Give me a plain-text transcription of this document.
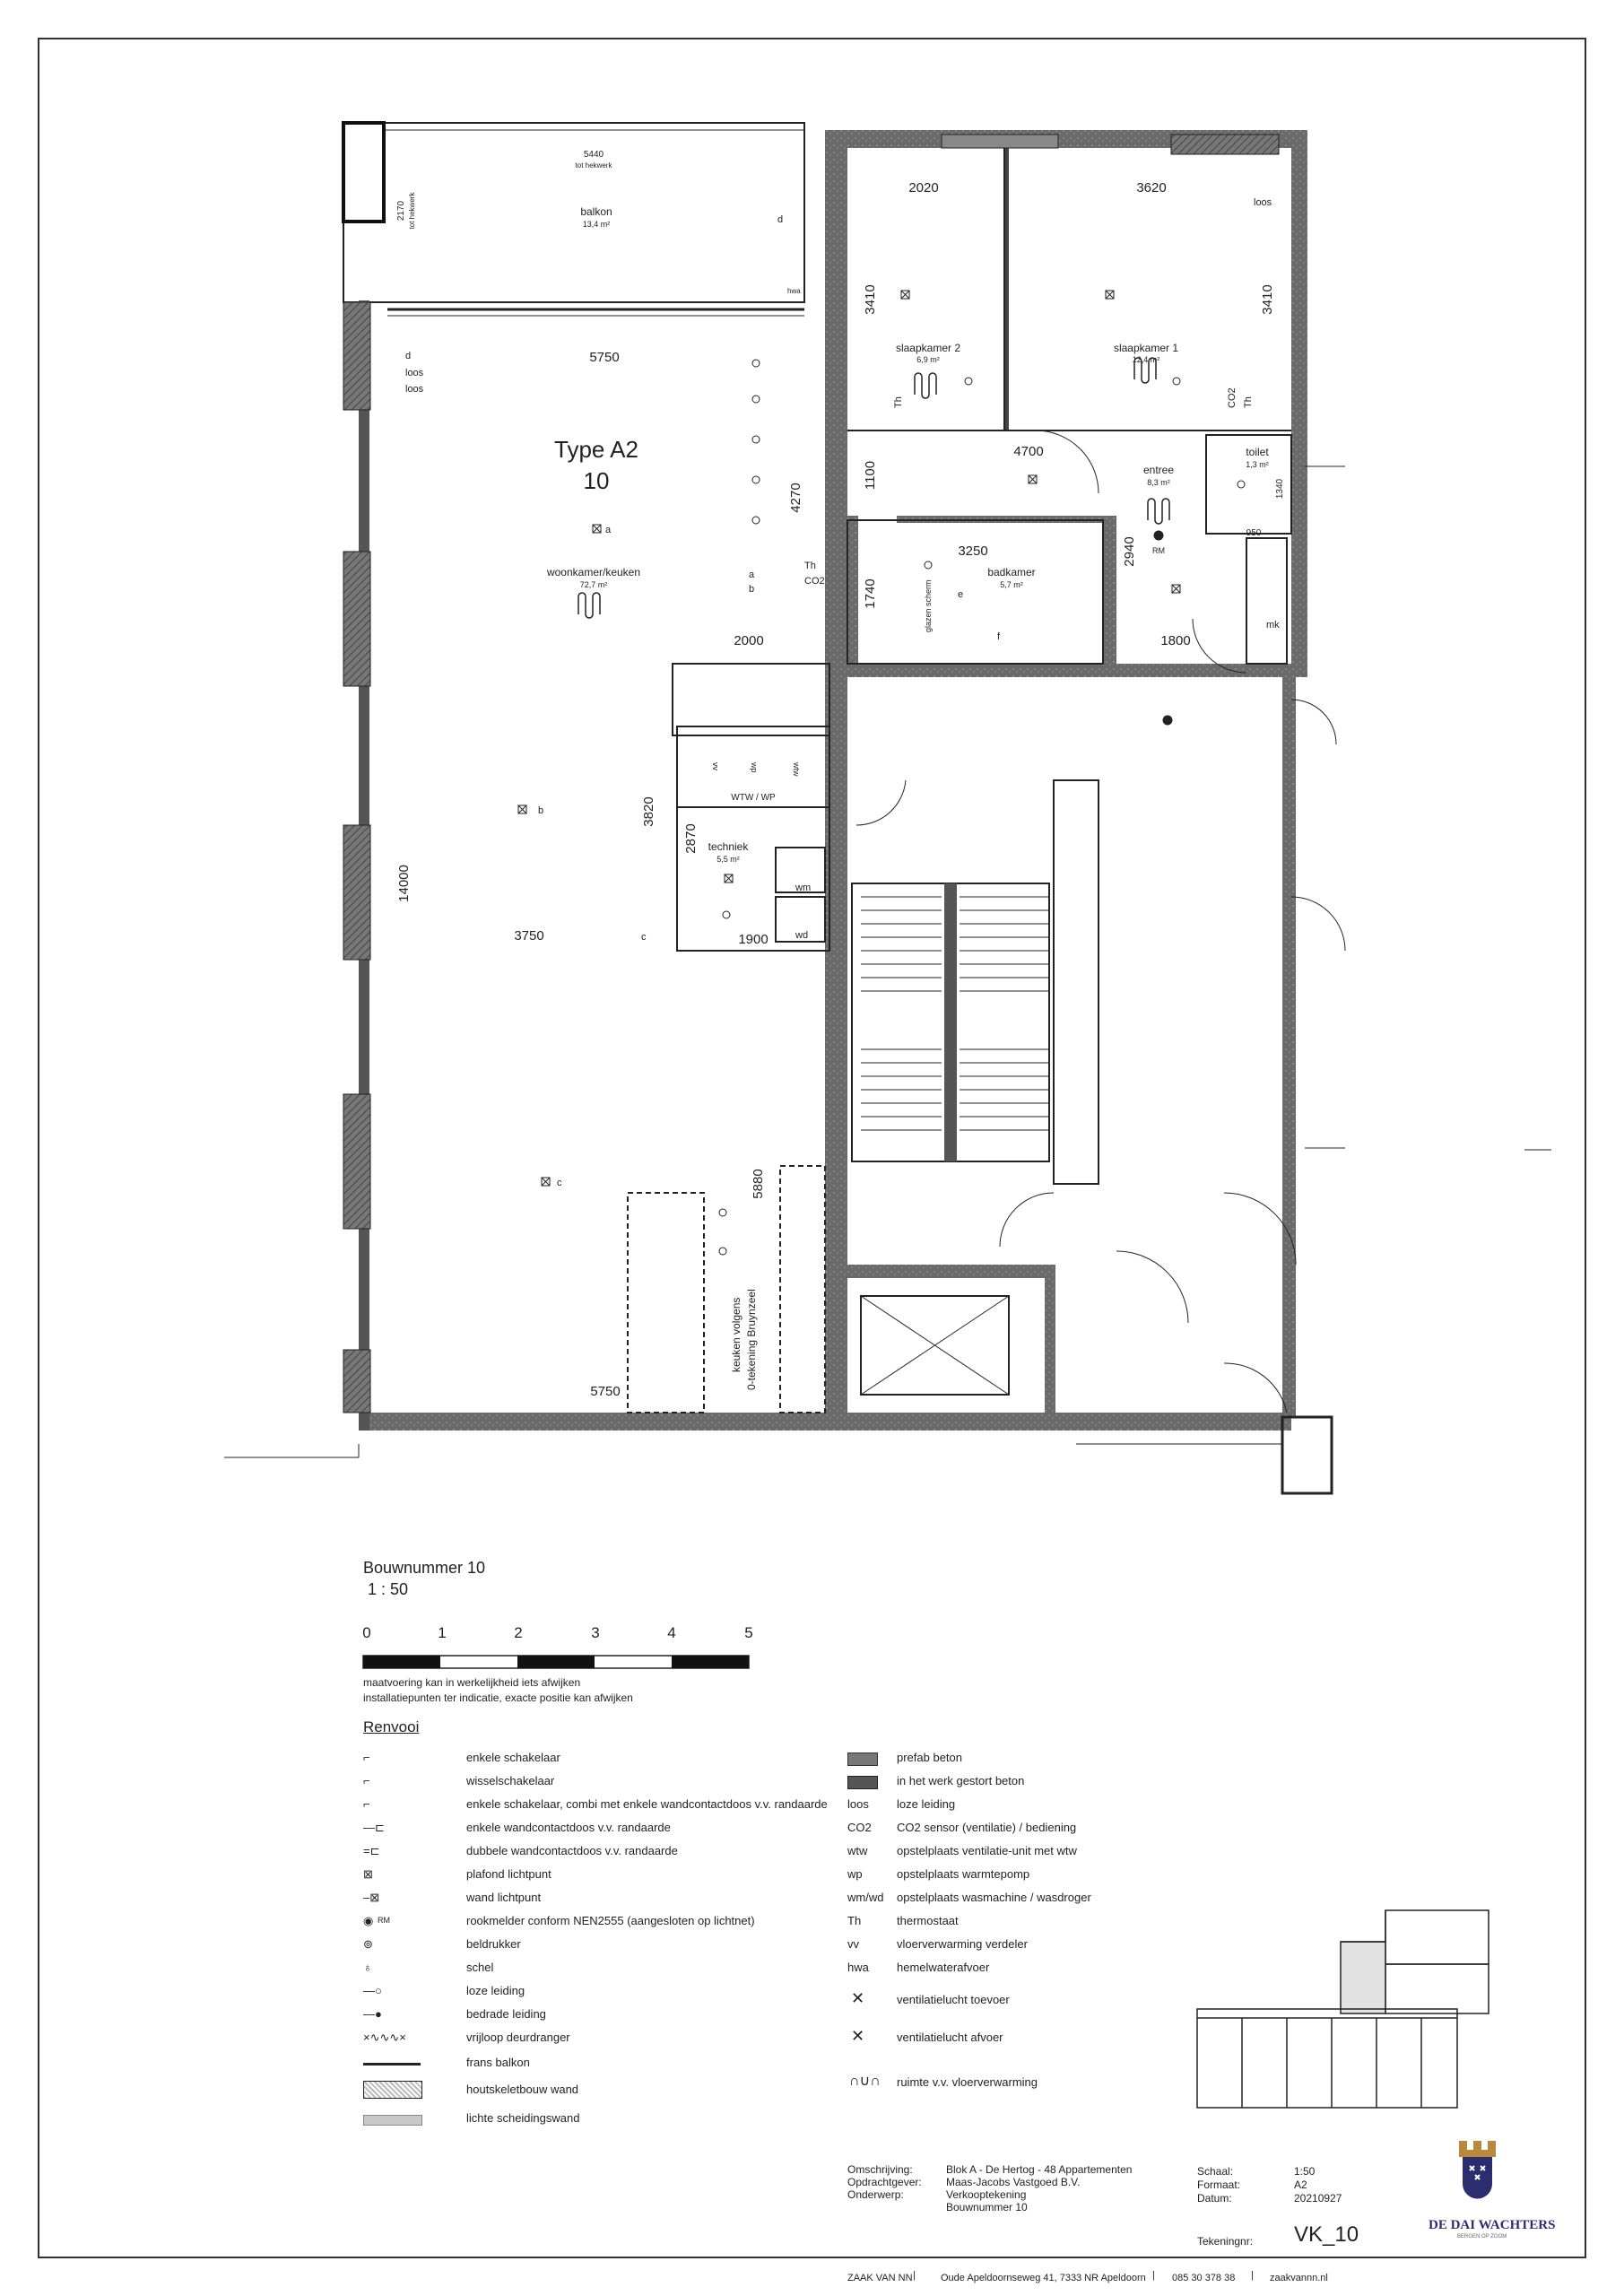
Type A2
10
balkon
13,4 m²
slaapkamer 2
6,9 m²
slaapkamer 1
12,4 m²
toilet
1,3 m²
entree
8,3 m²
badkamer
5,7 m²
woonkamer/keuken
72,7 m²
techniek
5,5 m²
5440
tot hekwerk
2170 tot hekwerk
2020	3620
3410	3410
4700
1100
5750
4270
3250
1740
2940
1800
950
1340
2000
14000
3820
2870
1900
3750
5880
5750
d
hwa
loos
d
loos
loos
a
b
c
a
b
Th
CO2
c
e
f
RM
mk
WTW / WP
wm
wd
vv	wp	wtw
Th	CO2 Th
glazen scherm
keuken volgens 0-tekening Bruynzeel
Bouwnummer 10
1 : 50
0	1	2	3	4	5
maatvoering kan in werkelijkheid iets afwijken
installatiepunten ter indicatie, exacte positie kan afwijken
Renvooi
⌐	enkele schakelaar
⌐	wisselschakelaar
⌐	enkele schakelaar, combi met enkele wandcontactdoos v.v. randaarde
—⊏	enkele wandcontactdoos v.v. randaarde
=⊏	dubbele wandcontactdoos v.v. randaarde
⊠	plafond lichtpunt
–⊠	wand lichtpunt
◉ RM	rookmelder conform NEN2555 (aangesloten op lichtnet)
⊚	beldrukker
♁	schel
—○	loze leiding
—●	bedrade leiding
×∿∿∿×	vrijloop deurdranger
frans balkon
houtskeletbouw wand
lichte scheidingswand
prefab beton
in het werk gestort beton
loos loze leiding
CO2 CO2 sensor (ventilatie) / bediening
wtw	opstelplaats ventilatie-unit met wtw
wp	opstelplaats warmtepomp
wm/wd opstelplaats wasmachine / wasdroger
Th	thermostaat
vv	vloerverwarming verdeler
hwa hemelwaterafvoer
✕	ventilatielucht toevoer
✕	ventilatielucht afvoer
∩∪∩ ruimte v.v. vloerverwarming
Omschrijving:	Blok A - De Hertog - 48 Appartementen
Opdrachtgever: Maas-Jacobs Vastgoed B.V.
Onderwerp:	Verkooptekening
Bouwnummer 10
Schaal:	1:50
Formaat:	A2
Datum:	20210927
Tekeningnr: VK_10	DE DAI WACHTERS
BERGEN OP ZOOM
ZAAK VAN NN |	Oude Apeldoornseweg 41, 7333 NR Apeldoorn | 085 30 378 38 | zaakvannn.nl
